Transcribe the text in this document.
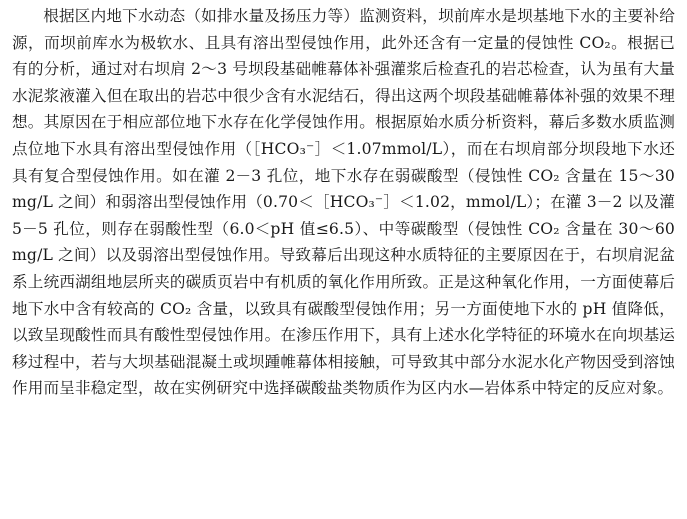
根据区内地下水动态（如排水量及扬压力等）监测资料，坝前库水是坝基地下水的主要补给源，而坝前库水为极软水、且具有溶出型侵蚀作用，此外还含有一定量的侵蚀性 CO₂。根据已有的分析，通过对右坝肩 2～3 号坝段基础帷幕体补强灌浆后检查孔的岩芯检查，认为虽有大量水泥浆液灌入但在取出的岩芯中很少含有水泥结石，得出这两个坝段基础帷幕体补强的效果不理想。其原因在于相应部位地下水存在化学侵蚀作用。根据原始水质分析资料，幕后多数水质监测点位地下水具有溶出型侵蚀作用（［HCO₃⁻］＜1.07mmol/L），而在右坝肩部分坝段地下水还具有复合型侵蚀作用。如在灌 2－3 孔位，地下水存在弱碳酸型（侵蚀性 CO₂ 含量在 15～30mg/L 之间）和弱溶出型侵蚀作用（0.70＜［HCO₃⁻］＜1.02，mmol/L）；在灌 3－2 以及灌 5－5 孔位，则存在弱酸性型（6.0＜pH 值≤6.5）、中等碳酸型（侵蚀性 CO₂ 含量在 30～60 mg/L 之间）以及弱溶出型侵蚀作用。导致幕后出现这种水质特征的主要原因在于，右坝肩泥盆系上统西湖组地层所夹的碳质页岩中有机质的氧化作用所致。正是这种氧化作用，一方面使幕后地下水中含有较高的 CO₂ 含量，以致具有碳酸型侵蚀作用；另一方面使地下水的 pH 值降低，以致呈现酸性而具有酸性型侵蚀作用。在渗压作用下，具有上述水化学特征的环境水在向坝基运移过程中，若与大坝基础混凝土或坝踵帷幕体相接触，可导致其中部分水泥水化产物因受到溶蚀作用而呈非稳定型，故在实例研究中选择碳酸盐类物质作为区内水—岩体系中特定的反应对象。
